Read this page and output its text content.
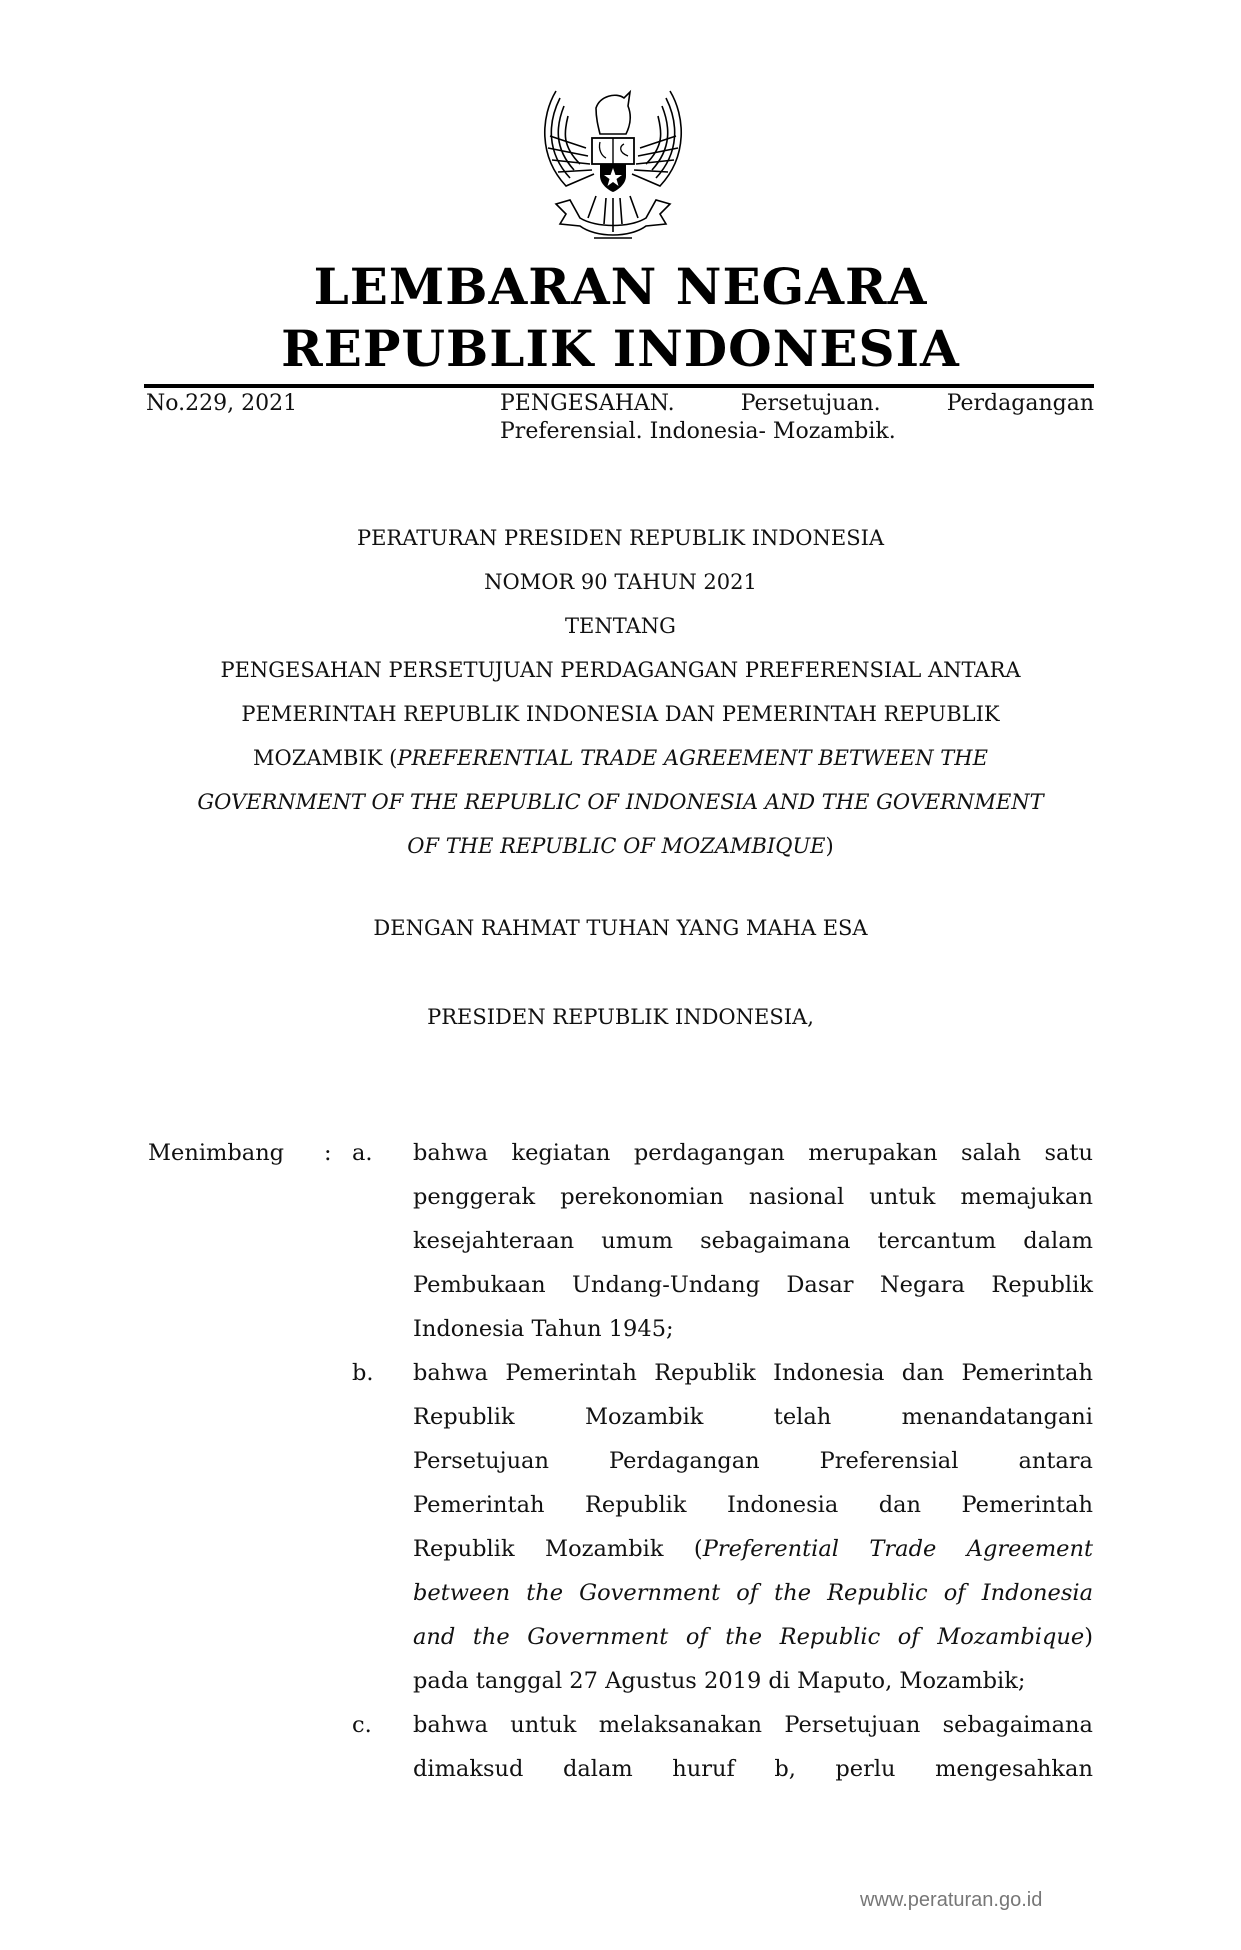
LEMBARAN NEGARA
REPUBLIK INDONESIA
No.229, 2021	PENGESAHAN.	Persetujuan.	Perdagangan
Preferensial. Indonesia- Mozambik.
PERATURAN PRESIDEN REPUBLIK INDONESIA
NOMOR 90 TAHUN 2021
TENTANG
PENGESAHAN PERSETUJUAN PERDAGANGAN PREFERENSIAL ANTARA
PEMERINTAH REPUBLIK INDONESIA DAN PEMERINTAH REPUBLIK
MOZAMBIK (PREFERENTIAL TRADE AGREEMENT BETWEEN THE
GOVERNMENT OF THE REPUBLIC OF INDONESIA AND THE GOVERNMENT
OF THE REPUBLIC OF MOZAMBIQUE)
DENGAN RAHMAT TUHAN YANG MAHA ESA
PRESIDEN REPUBLIK INDONESIA,
Menimbang : a. bahwa kegiatan perdagangan merupakan salah satu
penggerak perekonomian nasional untuk memajukan
kesejahteraan umum sebagaimana tercantum dalam
Pembukaan Undang-Undang Dasar Negara Republik
Indonesia Tahun 1945;
b. bahwa Pemerintah Republik Indonesia dan Pemerintah
Republik	Mozambik	telah	menandatangani
Persetujuan	Perdagangan	Preferensial	antara
Pemerintah Republik Indonesia dan Pemerintah
Republik Mozambik (Preferential Trade Agreement
between the Government of the Republic of Indonesia
and the Government of the Republic of Mozambique)
pada tanggal 27 Agustus 2019 di Maputo, Mozambik;
c. bahwa untuk melaksanakan Persetujuan sebagaimana
dimaksud dalam huruf b, perlu mengesahkan
www.peraturan.go.id
